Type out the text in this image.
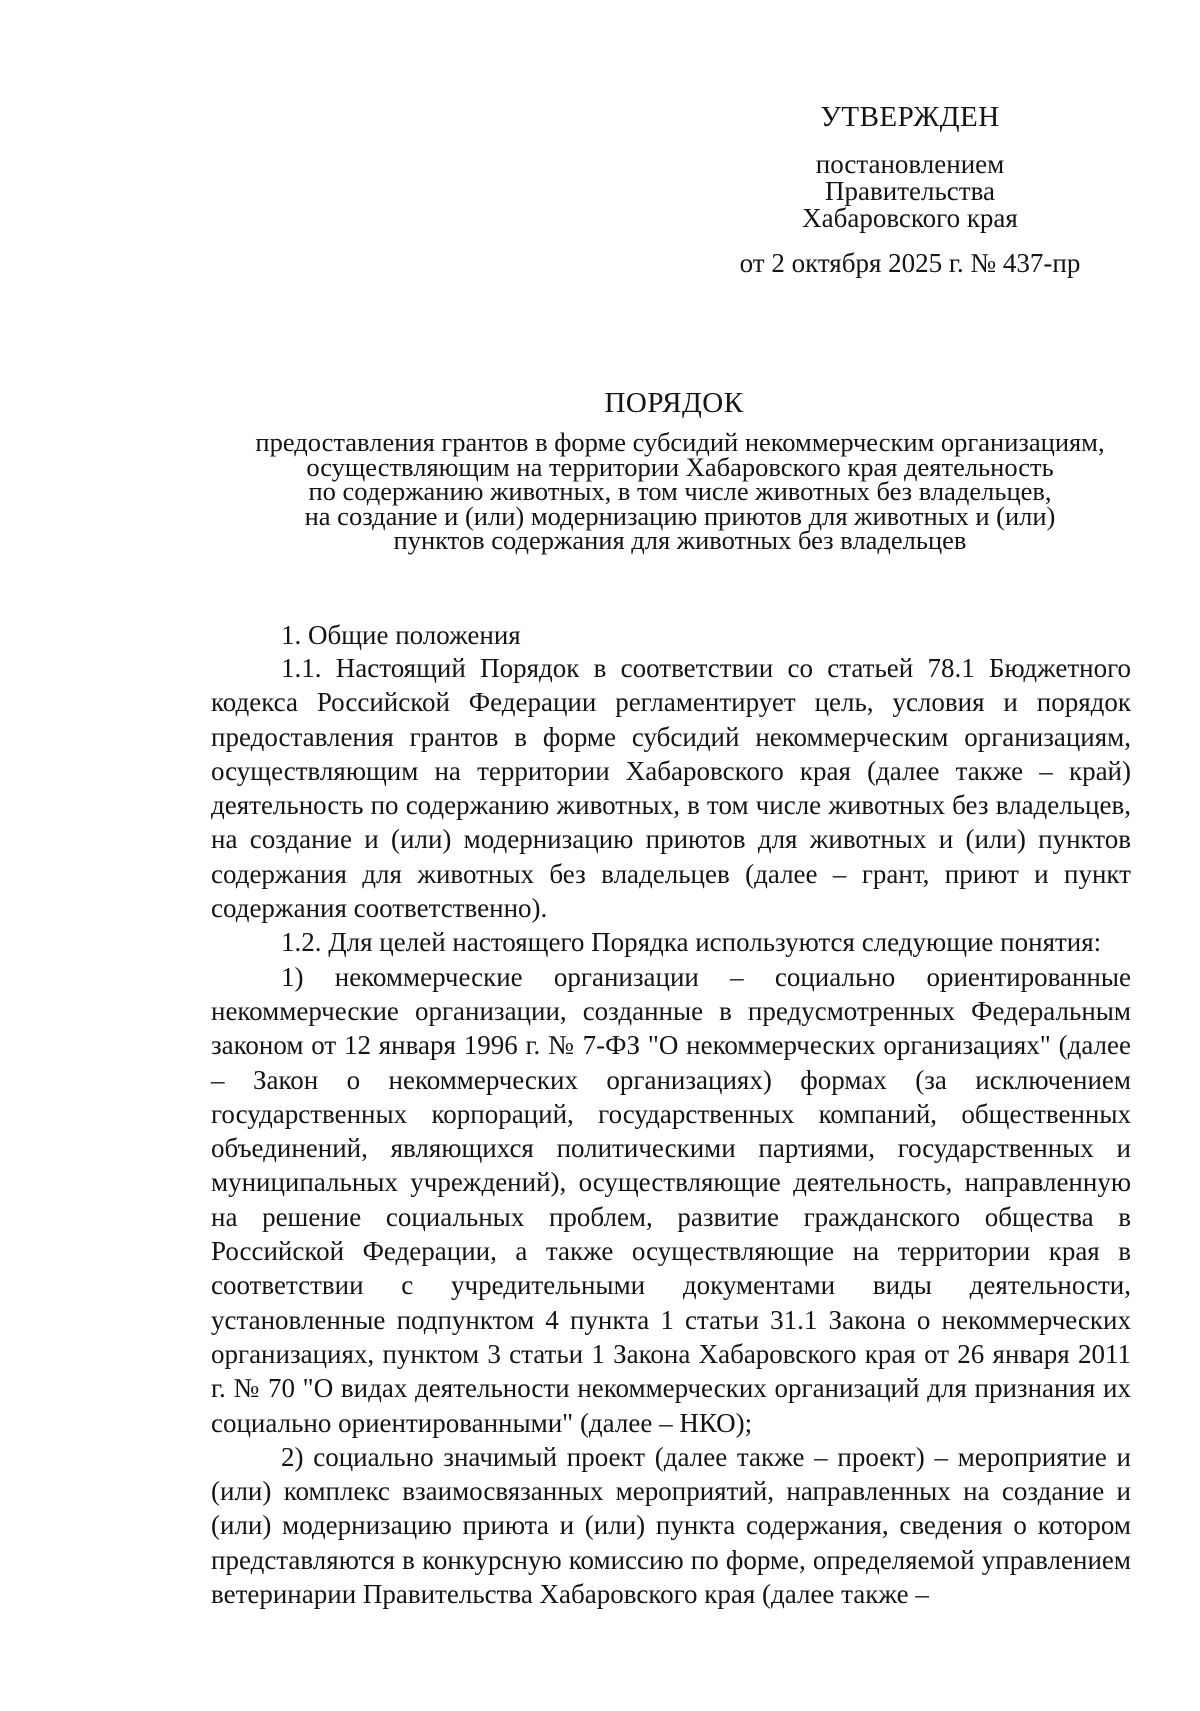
УТВЕРЖДЕН
постановлением
Правительства
Хабаровского края
от 2 октября 2025 г. № 437-пр
ПОРЯДОК
предоставления грантов в форме субсидий некоммерческим организациям,
осуществляющим на территории Хабаровского края деятельность
по содержанию животных, в том числе животных без владельцев,
на создание и (или) модернизацию приютов для животных и (или)
пунктов содержания для животных без владельцев
1. Общие положения

1.1. Настоящий Порядок в соответствии со статьей 78.1 Бюджетного кодекса Российской Федерации регламентирует цель, условия и порядок предоставления грантов в форме субсидий некоммерческим организациям, осуществляющим на территории Хабаровского края (далее также – край) деятельность по содержанию животных, в том числе животных без владельцев, на создание и (или) модернизацию приютов для животных и (или) пунктов содержания для животных без владельцев (далее – грант, приют и пункт содержания соответственно).

1.2. Для целей настоящего Порядка используются следующие понятия:

1) некоммерческие организации – социально ориентированные некоммерческие организации, созданные в предусмотренных Федеральным законом от 12 января 1996 г. № 7-ФЗ "О некоммерческих организациях" (далее – Закон о некоммерческих организациях) формах (за исключением государственных корпораций, государственных компаний, общественных объединений, являющихся политическими партиями, государственных и муниципальных учреждений), осуществляющие деятельность, направленную на решение социальных проблем, развитие гражданского общества в Российской Федерации, а также осуществляющие на территории края в соответствии с учредительными документами виды деятельности, установленные подпунктом 4 пункта 1 статьи 31.1 Закона о некоммерческих организациях, пунктом 3 статьи 1 Закона Хабаровского края от 26 января 2011 г. № 70 "О видах деятельности некоммерческих организаций для признания их социально ориентированными" (далее – НКО);

2) социально значимый проект (далее также – проект) – мероприятие и (или) комплекс взаимосвязанных мероприятий, направленных на создание и (или) модернизацию приюта и (или) пункта содержания, сведения о котором представляются в конкурсную комиссию по форме, определяемой управлением ветеринарии Правительства Хабаровского края (далее также –
